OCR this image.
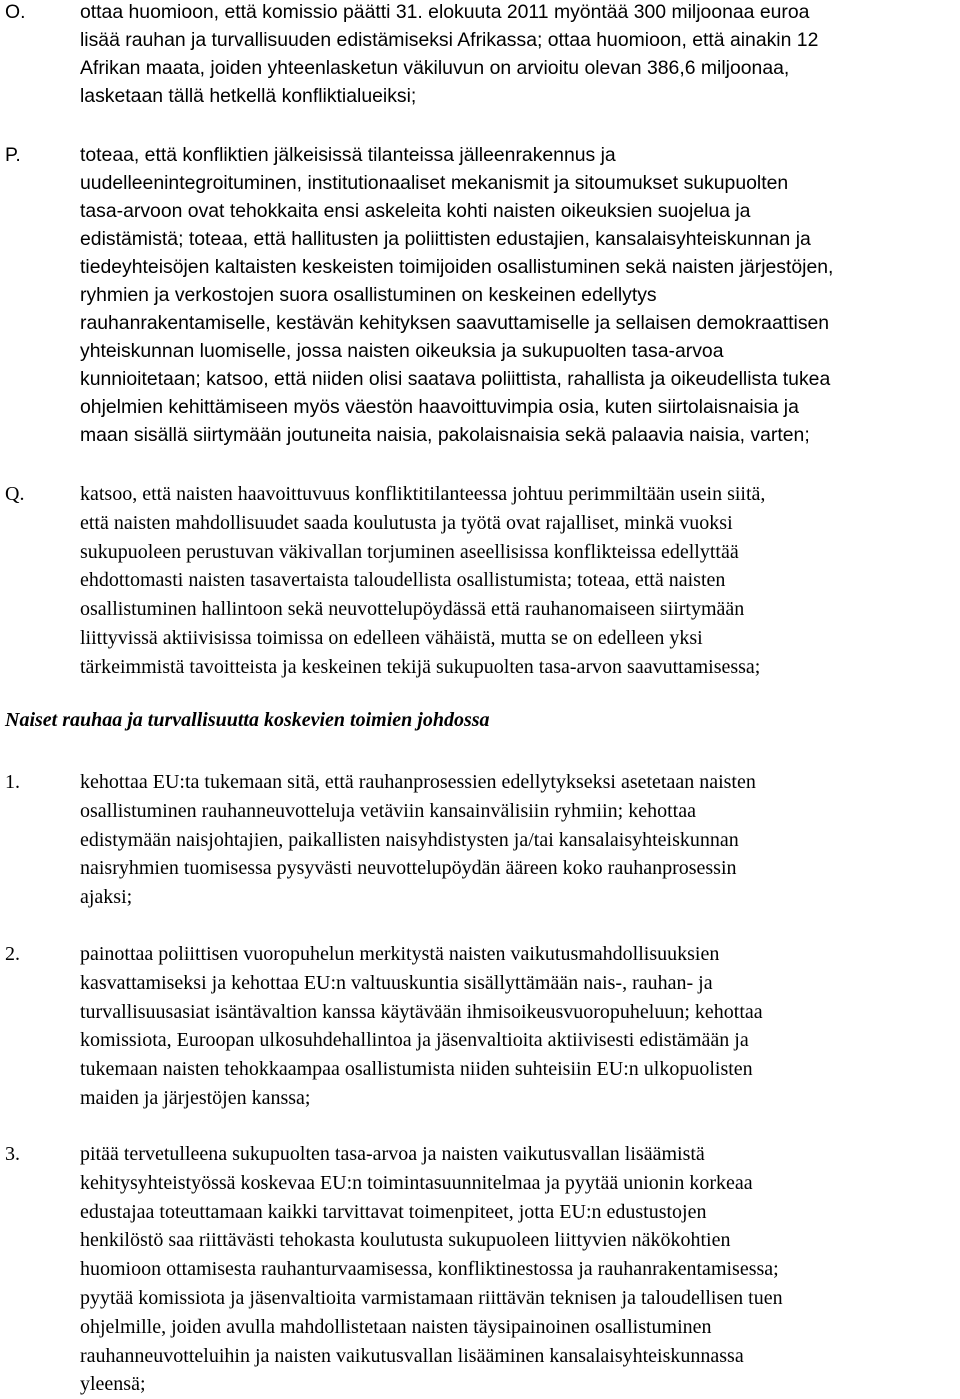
O.	ottaa huomioon, että komissio päätti 31. elokuuta 2011 myöntää 300 miljoonaa euroa
lisää rauhan ja turvallisuuden edistämiseksi Afrikassa; ottaa huomioon, että ainakin 12
Afrikan maata, joiden yhteenlasketun väkiluvun on arvioitu olevan 386,6 miljoonaa,
lasketaan tällä hetkellä konfliktialueiksi;

P.	toteaa, että konfliktien jälkeisissä tilanteissa jälleenrakennus ja
uudelleenintegroituminen, institutionaaliset mekanismit ja sitoumukset sukupuolten
tasa-arvoon ovat tehokkaita ensi askeleita kohti naisten oikeuksien suojelua ja
edistämistä; toteaa, että hallitusten ja poliittisten edustajien, kansalaisyhteiskunnan ja
tiedeyhteisöjen kaltaisten keskeisten toimijoiden osallistuminen sekä naisten järjestöjen,
ryhmien ja verkostojen suora osallistuminen on keskeinen edellytys
rauhanrakentamiselle, kestävän kehityksen saavuttamiselle ja sellaisen demokraattisen
yhteiskunnan luomiselle, jossa naisten oikeuksia ja sukupuolten tasa-arvoa
kunnioitetaan; katsoo, että niiden olisi saatava poliittista, rahallista ja oikeudellista tukea
ohjelmien kehittämiseen myös väestön haavoittuvimpia osia, kuten siirtolaisnaisia ja
maan sisällä siirtymään joutuneita naisia, pakolaisnaisia sekä palaavia naisia, varten;

Q.	katsoo, että naisten haavoittuvuus konfliktitilanteessa johtuu perimmiltään usein siitä,
että naisten mahdollisuudet saada koulutusta ja työtä ovat rajalliset, minkä vuoksi
sukupuoleen perustuvan väkivallan torjuminen aseellisissa konflikteissa edellyttää
ehdottomasti naisten tasavertaista taloudellista osallistumista; toteaa, että naisten
osallistuminen hallintoon sekä neuvottelupöydässä että rauhanomaiseen siirtymään
liittyvissä aktiivisissa toimissa on edelleen vähäistä, mutta se on edelleen yksi
tärkeimmistä tavoitteista ja keskeinen tekijä sukupuolten tasa-arvon saavuttamisessa;

Naiset rauhaa ja turvallisuutta koskevien toimien johdossa

1.	kehottaa EU:ta tukemaan sitä, että rauhanprosessien edellytykseksi asetetaan naisten
osallistuminen rauhanneuvotteluja vetäviin kansainvälisiin ryhmiin; kehottaa
edistymään naisjohtajien, paikallisten naisyhdistysten ja/tai kansalaisyhteiskunnan
naisryhmien tuomisessa pysyvästi neuvottelupöydän ääreen koko rauhanprosessin
ajaksi;

2.	painottaa poliittisen vuoropuhelun merkitystä naisten vaikutusmahdollisuuksien
kasvattamiseksi ja kehottaa EU:n valtuuskuntia sisällyttämään nais-, rauhan- ja
turvallisuusasiat isäntävaltion kanssa käytävään ihmisoikeusvuoropuheluun; kehottaa
komissiota, Euroopan ulkosuhdehallintoa ja jäsenvaltioita aktiivisesti edistämään ja
tukemaan naisten tehokkaampaa osallistumista niiden suhteisiin EU:n ulkopuolisten
maiden ja järjestöjen kanssa;

3.	pitää tervetulleena sukupuolten tasa-arvoa ja naisten vaikutusvallan lisäämistä
kehitysyhteistyössä koskevaa EU:n toimintasuunnitelmaa ja pyytää unionin korkeaa
edustajaa toteuttamaan kaikki tarvittavat toimenpiteet, jotta EU:n edustustojen
henkilöstö saa riittävästi tehokasta koulutusta sukupuoleen liittyvien näkökohtien
huomioon ottamisesta rauhanturvaamisessa, konfliktinestossa ja rauhanrakentamisessa;
pyytää komissiota ja jäsenvaltioita varmistamaan riittävän teknisen ja taloudellisen tuen
ohjelmille, joiden avulla mahdollistetaan naisten täysipainoinen osallistuminen
rauhanneuvotteluihin ja naisten vaikutusvallan lisääminen kansalaisyhteiskunnassa
yleensä;
